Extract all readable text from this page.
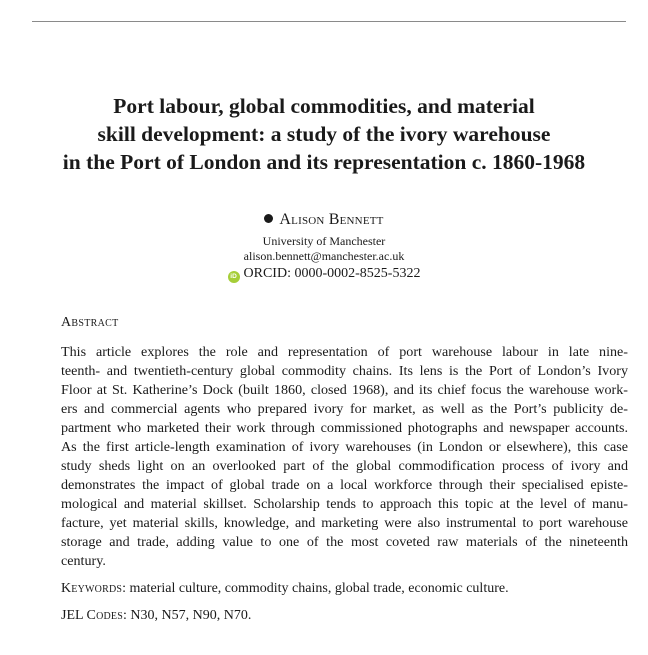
Port labour, global commodities, and material
skill development: a study of the ivory warehouse
in the Port of London and its representation c. 1860-1968
Alison Bennett
University of Manchester
alison.bennett@manchester.ac.uk
iD ORCID: 0000-0002-8525-5322
Abstract

This article explores the role and representation of port warehouse labour in late nine-
teenth- and twentieth-century global commodity chains. Its lens is the Port of London’s Ivory
Floor at St. Katherine’s Dock (built 1860, closed 1968), and its chief focus the warehouse work-
ers and commercial agents who prepared ivory for market, as well as the Port’s publicity de-
partment who marketed their work through commissioned photographs and newspaper accounts.
As the first article-length examination of ivory warehouses (in London or elsewhere), this case
study sheds light on an overlooked part of the global commodification process of ivory and
demonstrates the impact of global trade on a local workforce through their specialised episte-
mological and material skillset. Scholarship tends to approach this topic at the level of manu-
facture, yet material skills, knowledge, and marketing were also instrumental to port warehouse
storage and trade, adding value to one of the most coveted raw materials of the nineteenth
century.

Keywords: material culture, commodity chains, global trade, economic culture.
JEL Codes: N30, N57, N90, N70.
